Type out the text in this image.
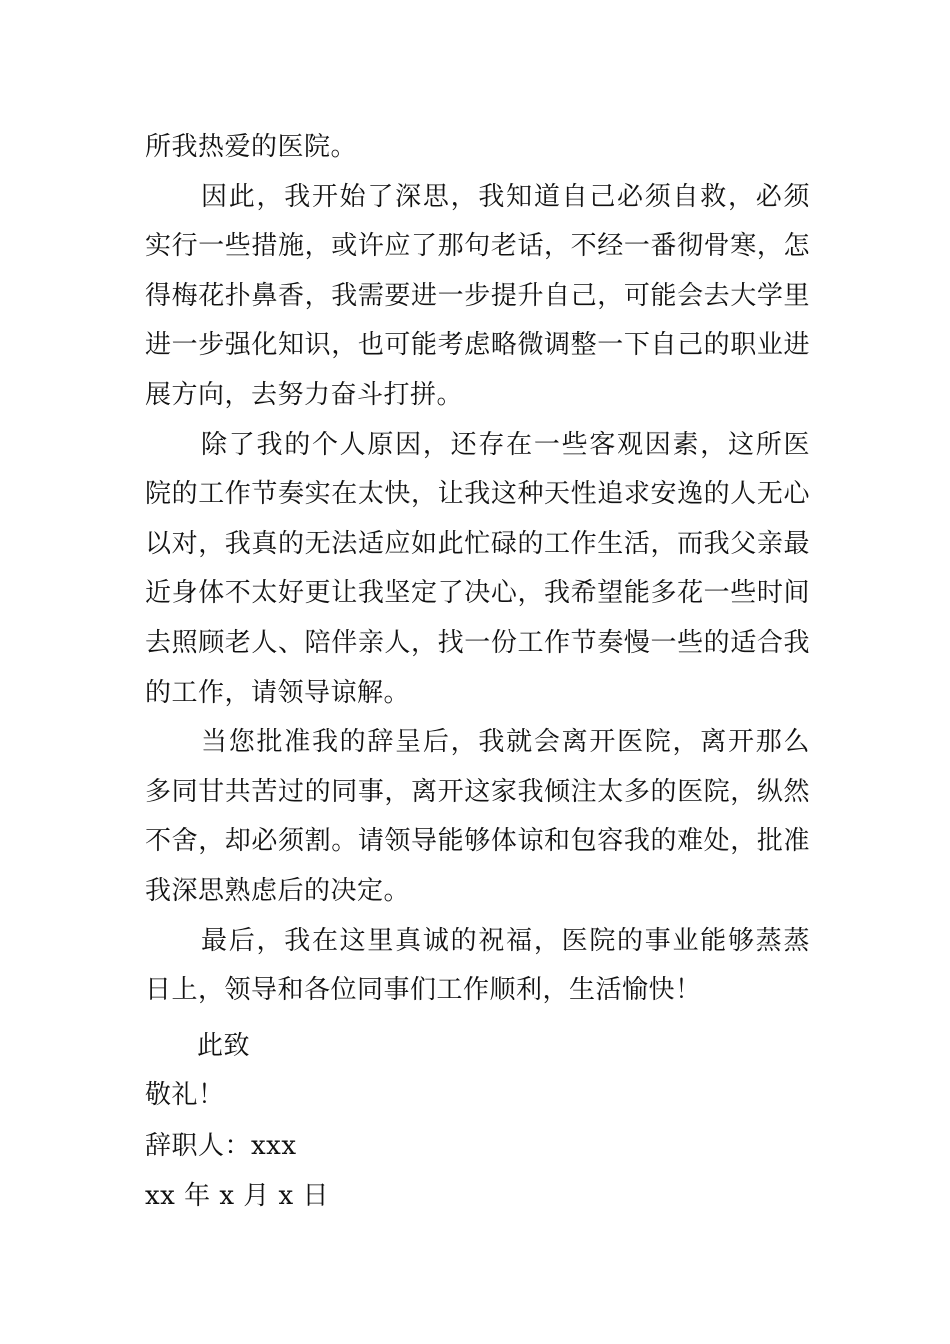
所我热爱的医院。

因此，我开始了深思，我知道自己必须自救，必须实行一些措施，或许应了那句老话，不经一番彻骨寒，怎得梅花扑鼻香，我需要进一步提升自己，可能会去大学里进一步强化知识，也可能考虑略微调整一下自己的职业进展方向，去努力奋斗打拼。

除了我的个人原因，还存在一些客观因素，这所医院的工作节奏实在太快，让我这种天性追求安逸的人无心以对，我真的无法适应如此忙碌的工作生活，而我父亲最近身体不太好更让我坚定了决心，我希望能多花一些时间去照顾老人、陪伴亲人，找一份工作节奏慢一些的适合我的工作，请领导谅解。

当您批准我的辞呈后，我就会离开医院，离开那么多同甘共苦过的同事，离开这家我倾注太多的医院，纵然不舍，却必须割。请领导能够体谅和包容我的难处，批准我深思熟虑后的决定。

最后，我在这里真诚的祝福，医院的事业能够蒸蒸日上，领导和各位同事们工作顺利，生活愉快！

此致
敬礼！
辞职人：xxx
xx 年 x 月 x 日
